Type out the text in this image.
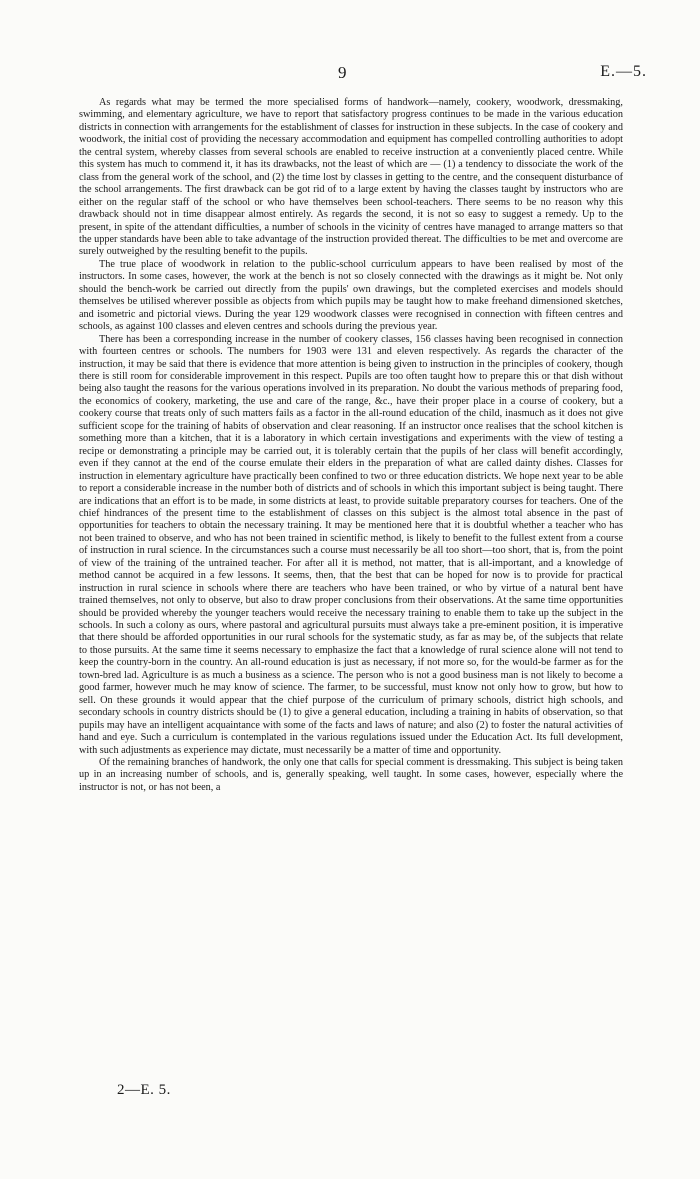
9	E.—5.

As regards what may be termed the more specialised forms of handwork—namely, cookery, woodwork, dressmaking, swimming, and elementary agriculture, we have to report that satisfactory progress continues to be made in the various education districts in connection with arrangements for the establishment of classes for instruction in these subjects. In the case of cookery and woodwork, the initial cost of providing the necessary accommodation and equipment has compelled controlling authorities to adopt the central system, whereby classes from several schools are enabled to receive instruction at a conveniently placed centre. While this system has much to commend it, it has its drawbacks, not the least of which are — (1) a tendency to dissociate the work of the class from the general work of the school, and (2) the time lost by classes in getting to the centre, and the consequent disturbance of the school arrangements. The first drawback can be got rid of to a large extent by having the classes taught by instructors who are either on the regular staff of the school or who have themselves been school-teachers. There seems to be no reason why this drawback should not in time disappear almost entirely. As regards the second, it is not so easy to suggest a remedy. Up to the present, in spite of the attendant difficulties, a number of schools in the vicinity of centres have managed to arrange matters so that the upper standards have been able to take advantage of the instruction provided thereat. The difficulties to be met and overcome are surely outweighed by the resulting benefit to the pupils.

The true place of woodwork in relation to the public-school curriculum appears to have been realised by most of the instructors. In some cases, however, the work at the bench is not so closely connected with the drawings as it might be. Not only should the bench-work be carried out directly from the pupils' own drawings, but the completed exercises and models should themselves be utilised wherever possible as objects from which pupils may be taught how to make freehand dimensioned sketches, and isometric and pictorial views. During the year 129 woodwork classes were recognised in connection with fifteen centres and schools, as against 100 classes and eleven centres and schools during the previous year.

There has been a corresponding increase in the number of cookery classes, 156 classes having been recognised in connection with fourteen centres or schools. The numbers for 1903 were 131 and eleven respectively. As regards the character of the instruction, it may be said that there is evidence that more attention is being given to instruction in the principles of cookery, though there is still room for considerable improvement in this respect. Pupils are too often taught how to prepare this or that dish without being also taught the reasons for the various operations involved in its preparation. No doubt the various methods of preparing food, the economics of cookery, marketing, the use and care of the range, &c., have their proper place in a course of cookery, but a cookery course that treats only of such matters fails as a factor in the all-round education of the child, inasmuch as it does not give sufficient scope for the training of habits of observation and clear reasoning. If an instructor once realises that the school kitchen is something more than a kitchen, that it is a laboratory in which certain investigations and experiments with the view of testing a recipe or demonstrating a principle may be carried out, it is tolerably certain that the pupils of her class will benefit accordingly, even if they cannot at the end of the course emulate their elders in the preparation of what are called dainty dishes. Classes for instruction in elementary agriculture have practically been confined to two or three education districts. We hope next year to be able to report a considerable increase in the number both of districts and of schools in which this important subject is being taught. There are indications that an effort is to be made, in some districts at least, to provide suitable preparatory courses for teachers. One of the chief hindrances of the present time to the establishment of classes on this subject is the almost total absence in the past of opportunities for teachers to obtain the necessary training. It may be mentioned here that it is doubtful whether a teacher who has not been trained to observe, and who has not been trained in scientific method, is likely to benefit to the fullest extent from a course of instruction in rural science. In the circumstances such a course must necessarily be all too short—too short, that is, from the point of view of the training of the untrained teacher. For after all it is method, not matter, that is all-important, and a knowledge of method cannot be acquired in a few lessons. It seems, then, that the best that can be hoped for now is to provide for practical instruction in rural science in schools where there are teachers who have been trained, or who by virtue of a natural bent have trained themselves, not only to observe, but also to draw proper conclusions from their observations. At the same time opportunities should be provided whereby the younger teachers would receive the necessary training to enable them to take up the subject in the schools. In such a colony as ours, where pastoral and agricultural pursuits must always take a pre-eminent position, it is imperative that there should be afforded opportunities in our rural schools for the systematic study, as far as may be, of the subjects that relate to those pursuits. At the same time it seems necessary to emphasize the fact that a knowledge of rural science alone will not tend to keep the country-born in the country. An all-round education is just as necessary, if not more so, for the would-be farmer as for the town-bred lad. Agriculture is as much a business as a science. The person who is not a good business man is not likely to become a good farmer, however much he may know of science. The farmer, to be successful, must know not only how to grow, but how to sell. On these grounds it would appear that the chief purpose of the curriculum of primary schools, district high schools, and secondary schools in country districts should be (1) to give a general education, including a training in habits of observation, so that pupils may have an intelligent acquaintance with some of the facts and laws of nature; and also (2) to foster the natural activities of hand and eye. Such a curriculum is contemplated in the various regulations issued under the Education Act. Its full development, with such adjustments as experience may dictate, must necessarily be a matter of time and opportunity.

Of the remaining branches of handwork, the only one that calls for special comment is dressmaking. This subject is being taken up in an increasing number of schools, and is, generally speaking, well taught. In some cases, however, especially where the instructor is not, or has not been, a

2—E. 5.
